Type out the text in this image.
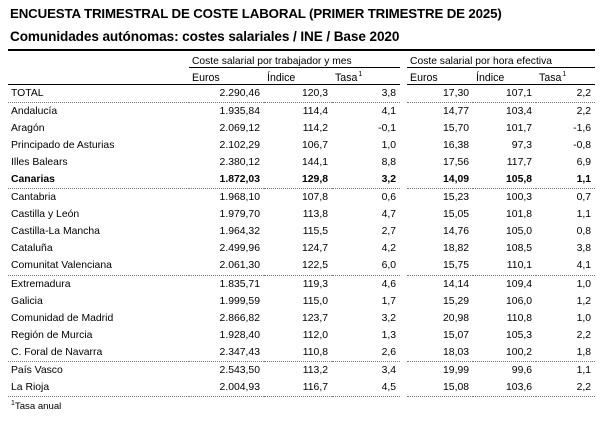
ENCUESTA TRIMESTRAL DE COSTE LABORAL (PRIMER TRIMESTRE DE 2025)
Comunidades autónomas: costes salariales / INE / Base 2020
	Coste salarial por trabajador y mes				Coste salarial por hora efectiva		
	Euros	Índice	Tasa$^1$		Euros	Índice	Tasa$^1$
TOTAL	2.290,46	120,3	3,8		17,30	107,1	2,2
Andalucía	1.935,84	114,4	4,1		14,77	103,4	2,2
Aragón	2.069,12	114,2	-0,1		15,70	101,7	-1,6
Principado de Asturias	2.102,29	106,7	1,0		16,38	97,3	-0,8
Illes Balears	2.380,12	144,1	8,8		17,56	117,7	6,9
Canarias	1.872,03	129,8	3,2		14,09	105,8	1,1
Cantabria	1.968,10	107,8	0,6		15,23	100,3	0,7
Castilla y León	1.979,70	113,8	4,7		15,05	101,8	1,1
Castilla-La Mancha	1.964,32	115,5	2,7		14,76	105,0	0,8
Cataluña	2.499,96	124,7	4,2		18,82	108,5	3,8
Comunitat Valenciana	2.061,30	122,5	6,0		15,75	110,1	4,1
Extremadura	1.835,71	119,3	4,6		14,14	109,4	1,0
Galicia	1.999,59	115,0	1,7		15,29	106,0	1,2
Comunidad de Madrid	2.866,82	123,7	3,2		20,98	110,8	1,0
Región de Murcia	1.928,40	112,0	1,3		15,07	105,3	2,2
C. Foral de Navarra	2.347,43	110,8	2,6		18,03	100,2	1,8
País Vasco	2.543,50	113,2	3,4		19,99	99,6	1,1
La Rioja	2.004,93	116,7	4,5		15,08	103,6	2,2
$^1$Tasa anual
